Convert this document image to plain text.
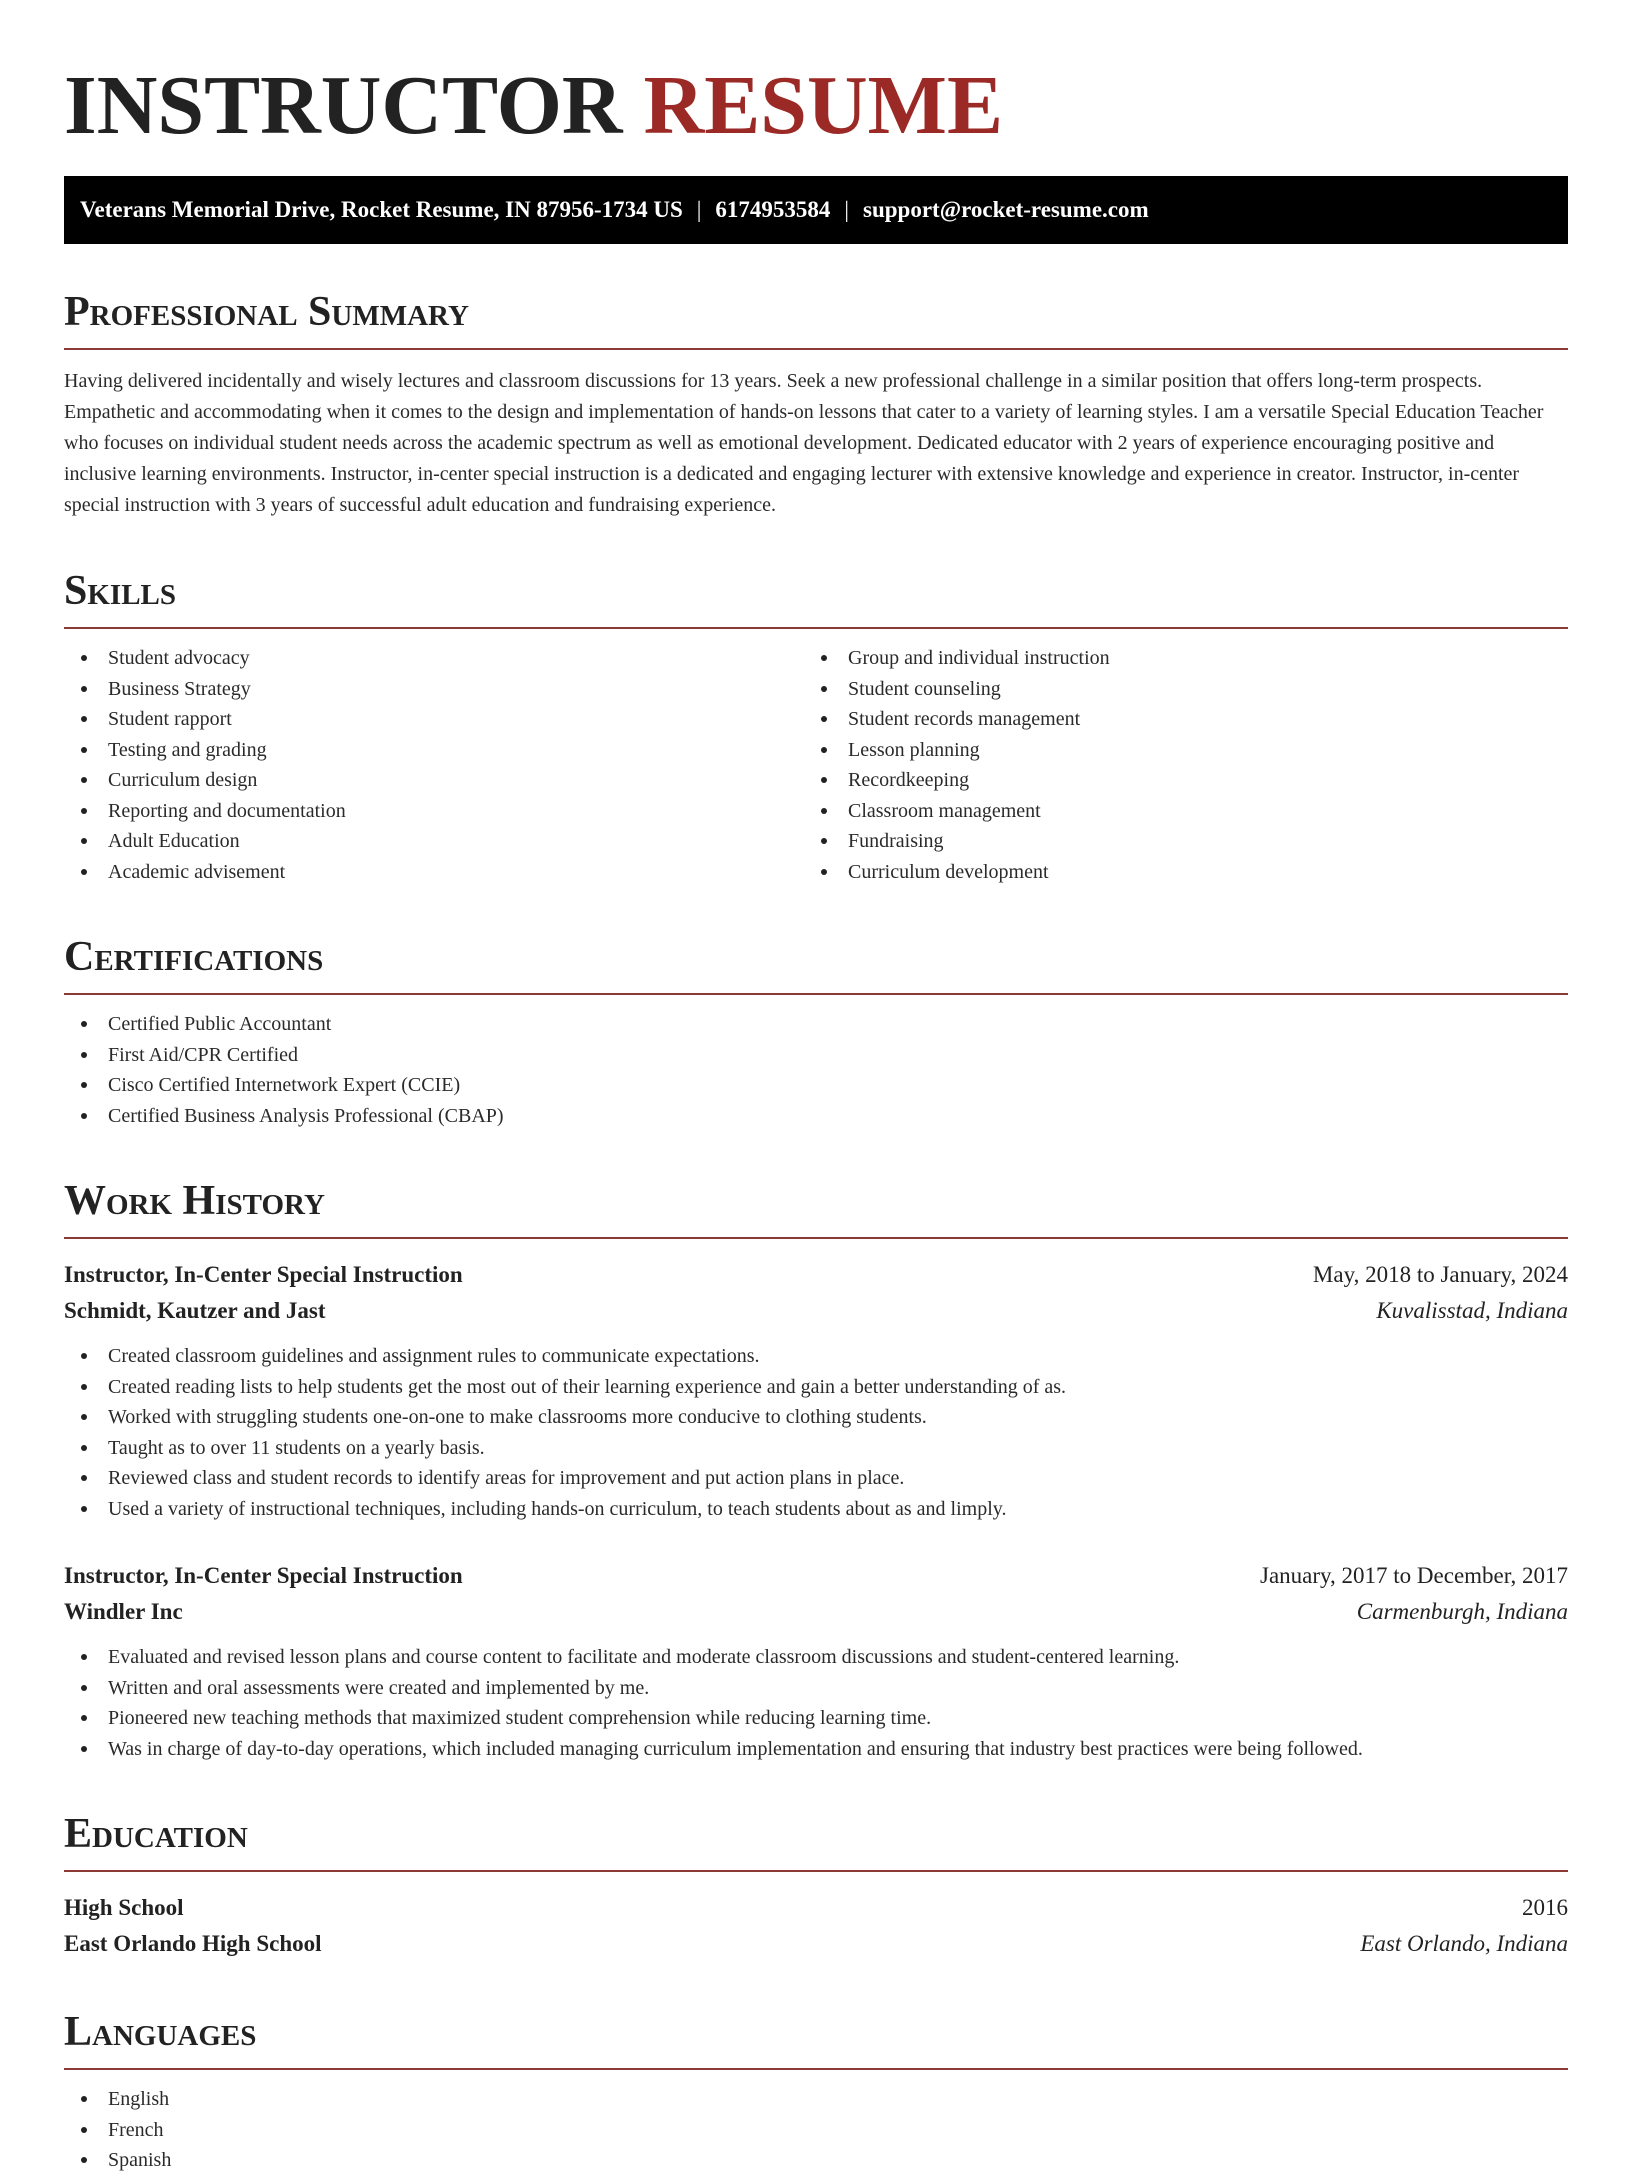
INSTRUCTOR RESUME
Veterans Memorial Drive, Rocket Resume, IN 87956-1734 US | 6174953584 | support@rocket-resume.com
Professional Summary
Having delivered incidentally and wisely lectures and classroom discussions for 13 years. Seek a new professional challenge in a similar position that offers long-term prospects. Empathetic and accommodating when it comes to the design and implementation of hands-on lessons that cater to a variety of learning styles. I am a versatile Special Education Teacher who focuses on individual student needs across the academic spectrum as well as emotional development. Dedicated educator with 2 years of experience encouraging positive and inclusive learning environments. Instructor, in-center special instruction is a dedicated and engaging lecturer with extensive knowledge and experience in creator. Instructor, in-center special instruction with 3 years of successful adult education and fundraising experience.
Skills
Student advocacy
Business Strategy
Student rapport
Testing and grading
Curriculum design
Reporting and documentation
Adult Education
Academic advisement
Group and individual instruction
Student counseling
Student records management
Lesson planning
Recordkeeping
Classroom management
Fundraising
Curriculum development
Certifications
Certified Public Accountant
First Aid/CPR Certified
Cisco Certified Internetwork Expert (CCIE)
Certified Business Analysis Professional (CBAP)
Work History
Instructor, In-Center Special Instruction	May, 2018 to January, 2024
Schmidt, Kautzer and Jast	Kuvalisstad, Indiana
Created classroom guidelines and assignment rules to communicate expectations.
Created reading lists to help students get the most out of their learning experience and gain a better understanding of as.
Worked with struggling students one-on-one to make classrooms more conducive to clothing students.
Taught as to over 11 students on a yearly basis.
Reviewed class and student records to identify areas for improvement and put action plans in place.
Used a variety of instructional techniques, including hands-on curriculum, to teach students about as and limply.
Instructor, In-Center Special Instruction	January, 2017 to December, 2017
Windler Inc	Carmenburgh, Indiana
Evaluated and revised lesson plans and course content to facilitate and moderate classroom discussions and student-centered learning.
Written and oral assessments were created and implemented by me.
Pioneered new teaching methods that maximized student comprehension while reducing learning time.
Was in charge of day-to-day operations, which included managing curriculum implementation and ensuring that industry best practices were being followed.
Education
High School	2016
East Orlando High School	East Orlando, Indiana
Languages
English
French
Spanish
